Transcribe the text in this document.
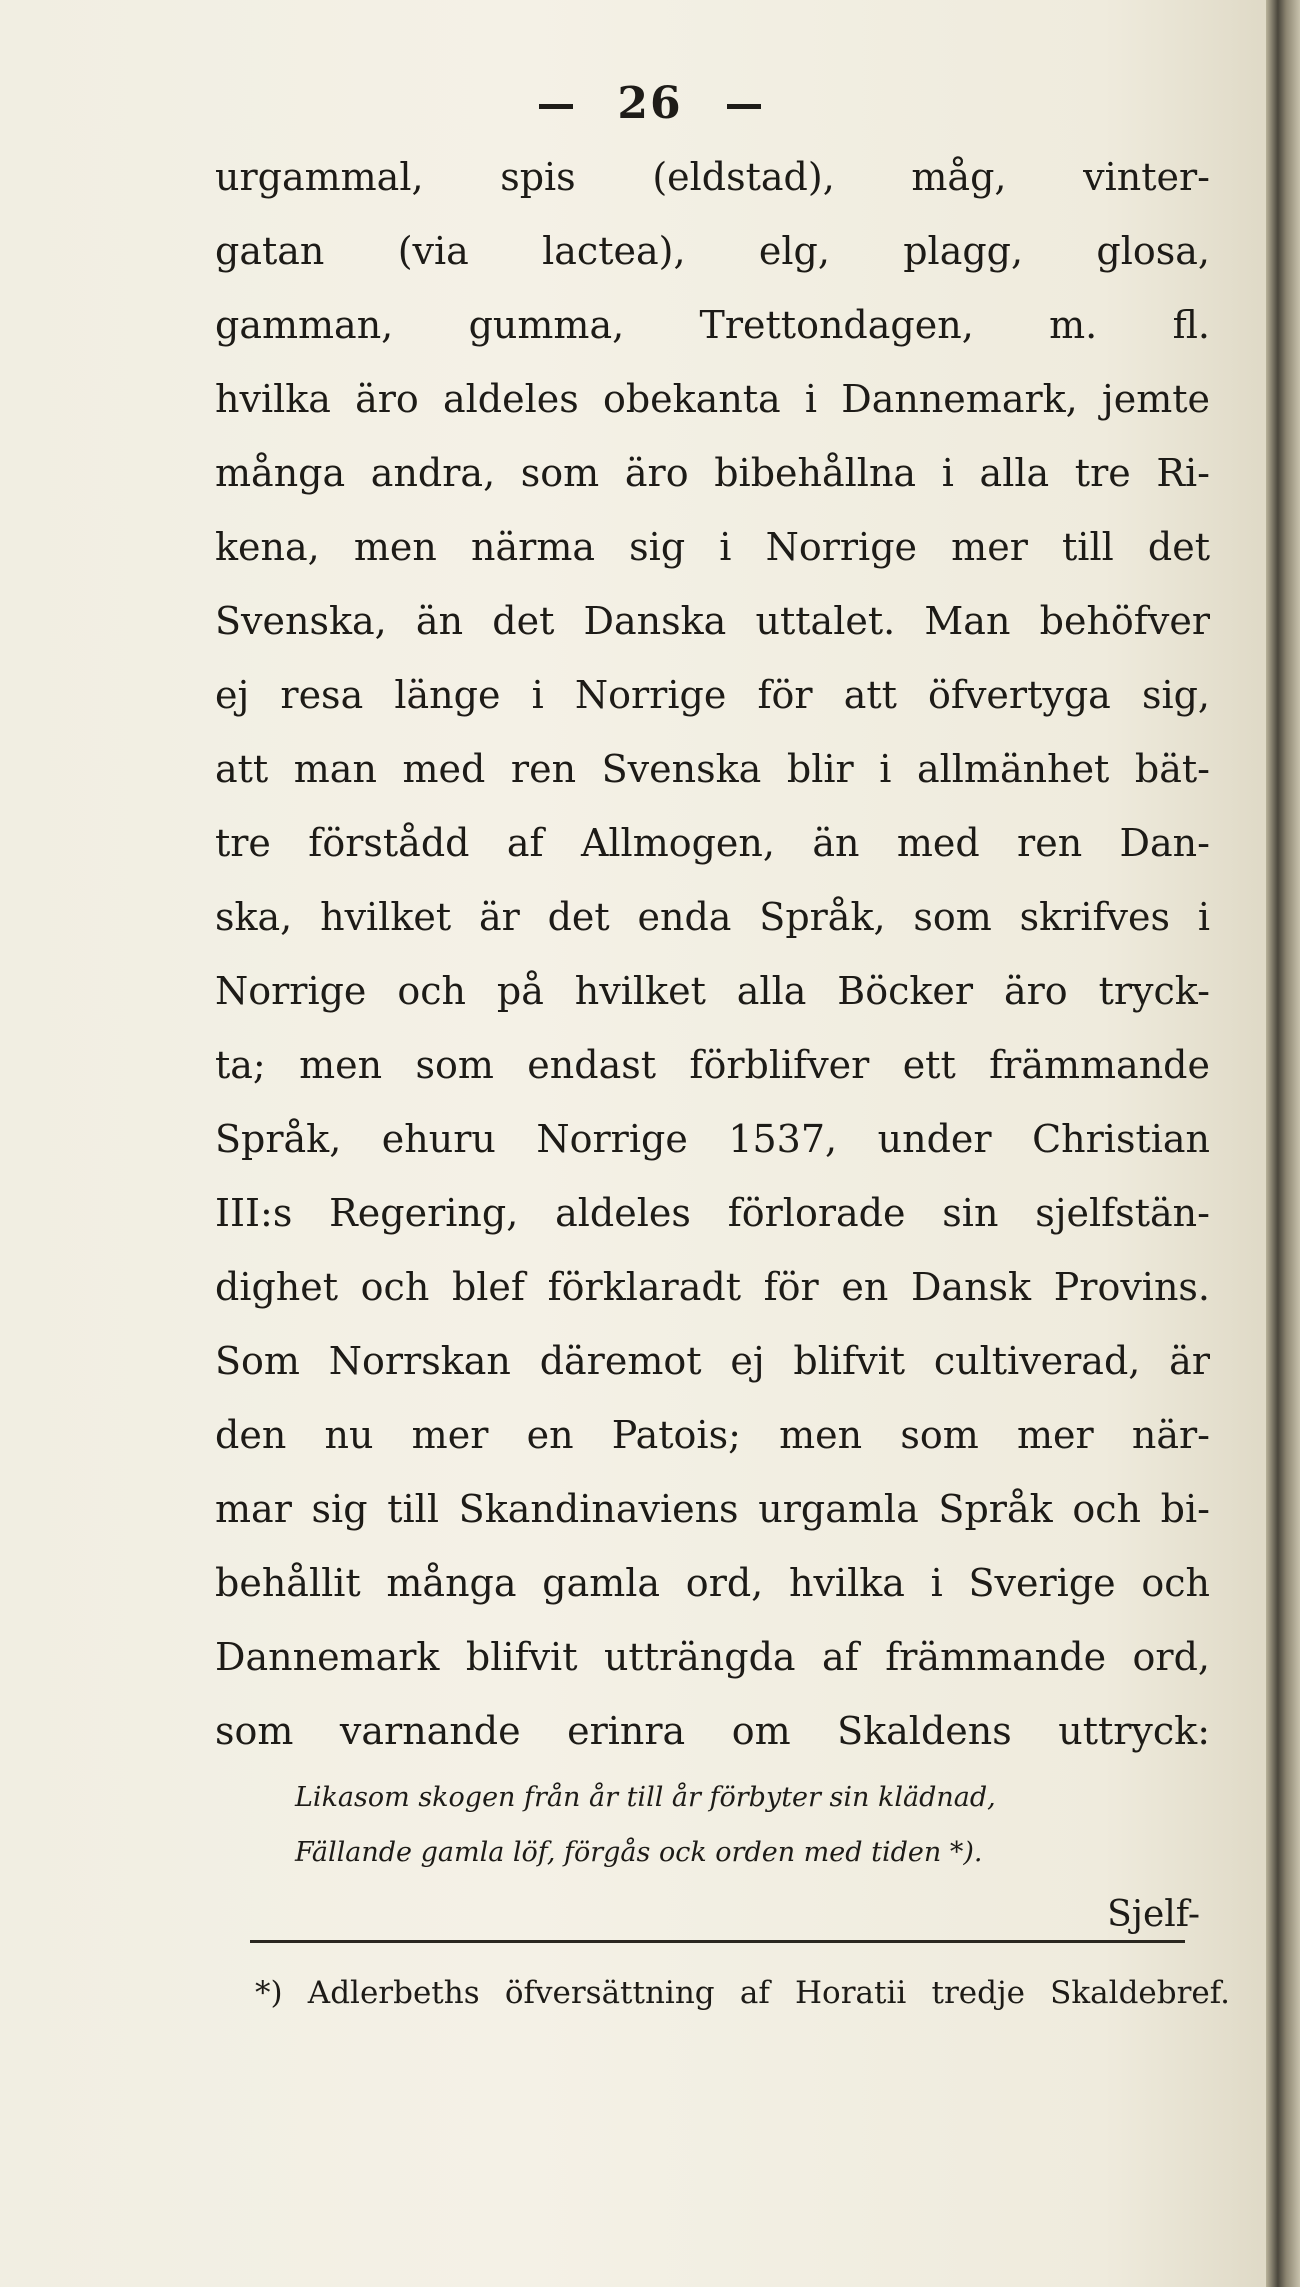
26
urgammal, spis (eldstad), måg, vinter-
gatan (via lactea), elg, plagg, glosa,
gamman, gumma, Trettondagen, m. fl.
hvilka äro aldeles obekanta i Dannemark, jemte
många andra, som äro bibehållna i alla tre Ri-
kena, men närma sig i Norrige mer till det
Svenska, än det Danska uttalet. Man behöfver
ej resa länge i Norrige för att öfvertyga sig,
att man med ren Svenska blir i allmänhet bät-
tre förstådd af Allmogen, än med ren Dan-
ska, hvilket är det enda Språk, som skrifves i
Norrige och på hvilket alla Böcker äro tryck-
ta; men som endast förblifver ett främmande
Språk, ehuru Norrige 1537, under Christian
III:s Regering, aldeles förlorade sin sjelfstän-
dighet och blef förklaradt för en Dansk Provins.
Som Norrskan däremot ej blifvit cultiverad, är
den nu mer en Patois; men som mer när-
mar sig till Skandinaviens urgamla Språk och bi-
behållit många gamla ord, hvilka i Sverige och
Dannemark blifvit utträngda af främmande ord,
som varnande erinra om Skaldens uttryck:
Likasom skogen från år till år förbyter sin klädnad,
Fällande gamla löf, förgås ock orden med tiden *).
Sjelf-
*) Adlerbeths öfversättning af Horatii tredje Skaldebref.
